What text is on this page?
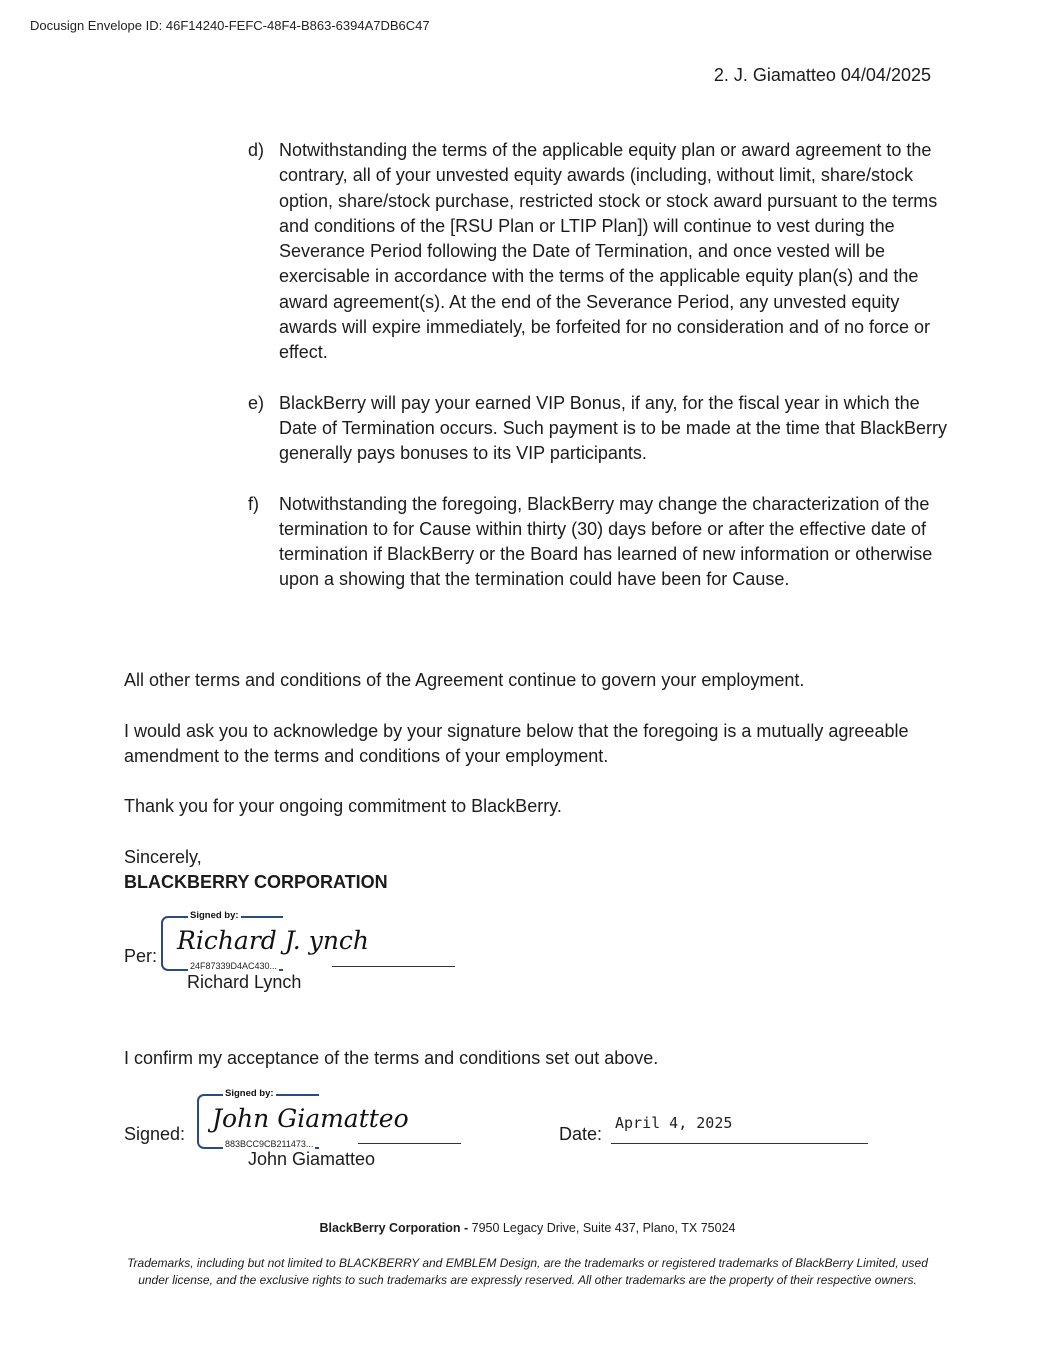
Docusign Envelope ID: 46F14240-FEFC-48F4-B863-6394A7DB6C47
2. J. Giamatteo 04/04/2025
d) Notwithstanding the terms of the applicable equity plan or award agreement to the contrary, all of your unvested equity awards (including, without limit, share/stock option, share/stock purchase, restricted stock or stock award pursuant to the terms and conditions of the [RSU Plan or LTIP Plan]) will continue to vest during the Severance Period following the Date of Termination, and once vested will be exercisable in accordance with the terms of the applicable equity plan(s) and the award agreement(s). At the end of the Severance Period, any unvested equity awards will expire immediately, be forfeited for no consideration and of no force or effect.
e) BlackBerry will pay your earned VIP Bonus, if any, for the fiscal year in which the Date of Termination occurs. Such payment is to be made at the time that BlackBerry generally pays bonuses to its VIP participants.
f)	Notwithstanding the foregoing, BlackBerry may change the characterization of the termination to for Cause within thirty (30) days before or after the effective date of termination if BlackBerry or the Board has learned of new information or otherwise upon a showing that the termination could have been for Cause.

All other terms and conditions of the Agreement continue to govern your employment.

I would ask you to acknowledge by your signature below that the foregoing is a mutually agreeable amendment to the terms and conditions of your employment.

Thank you for your ongoing commitment to BlackBerry.

Sincerely,

BLACKBERRY CORPORATION

Per:
Signed by:
Richard J. ynch
24F87339D4AC430...
Richard Lynch

I confirm my acceptance of the terms and conditions set out above.

Signed:
Signed by:
John Giamatteo
883BCC9CB211473...
John Giamatteo
Date:
April 4, 2025
BlackBerry Corporation - 7950 Legacy Drive, Suite 437, Plano, TX 75024
Trademarks, including but not limited to BLACKBERRY and EMBLEM Design, are the trademarks or registered trademarks of BlackBerry Limited, used under license, and the exclusive rights to such trademarks are expressly reserved. All other trademarks are the property of their respective owners.
